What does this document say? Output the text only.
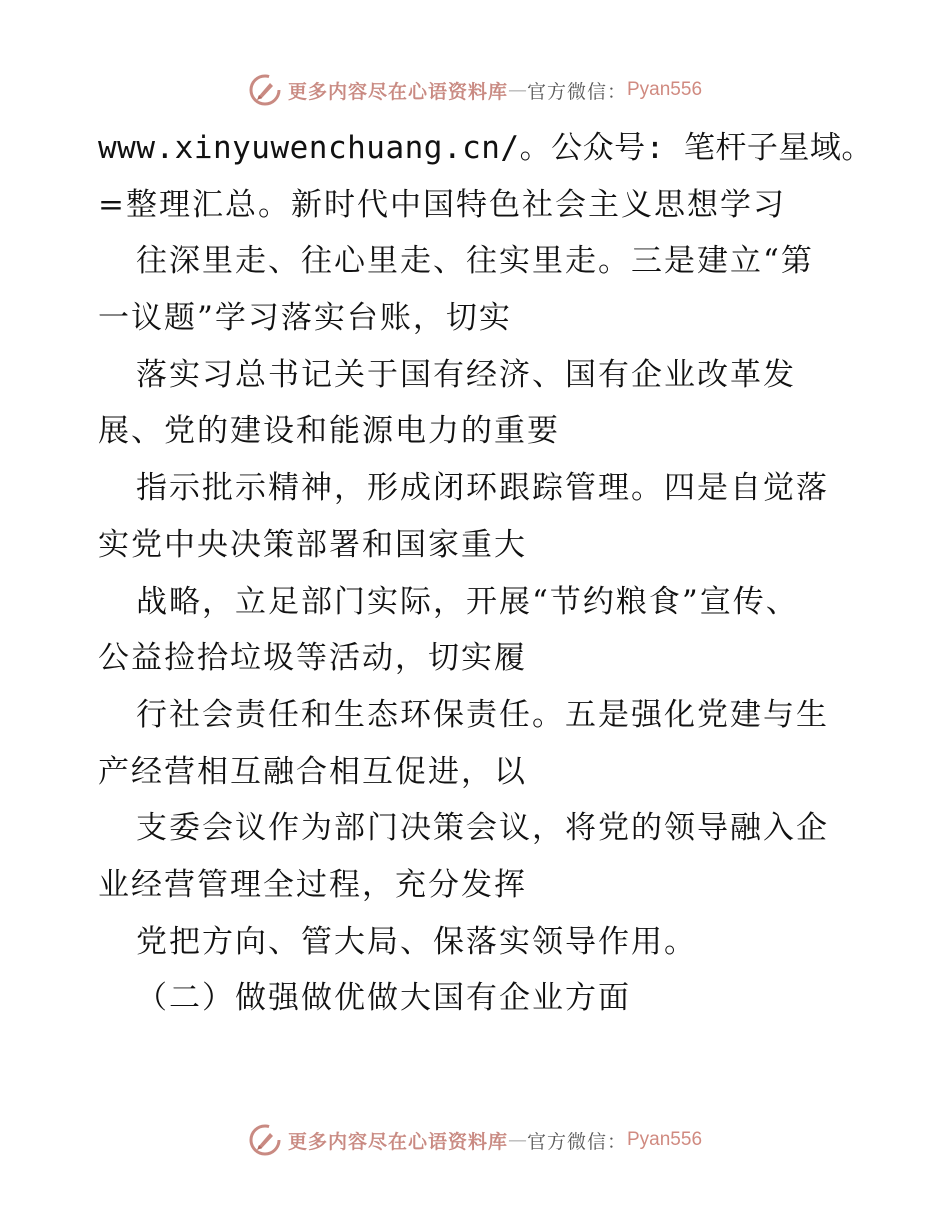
更多内容尽在心语资料库 — 官方微信： Pyan556
www.xinyuwenchuang.cn/。公众号: 笔杆子星域。
=整理汇总。新时代中国特色社会主义思想学习
往深里走、往心里走、往实里走。三是建立“第
一议题”学习落实台账，切实
落实习总书记关于国有经济、国有企业改革发
展、党的建设和能源电力的重要
指示批示精神，形成闭环跟踪管理。四是自觉落
实党中央决策部署和国家重大
战略，立足部门实际，开展“节约粮食”宣传、
公益捡拾垃圾等活动，切实履
行社会责任和生态环保责任。五是强化党建与生
产经营相互融合相互促进，以
支委会议作为部门决策会议，将党的领导融入企
业经营管理全过程，充分发挥
党把方向、管大局、保落实领导作用。
（二）做强做优做大国有企业方面
更多内容尽在心语资料库 — 官方微信： Pyan556
